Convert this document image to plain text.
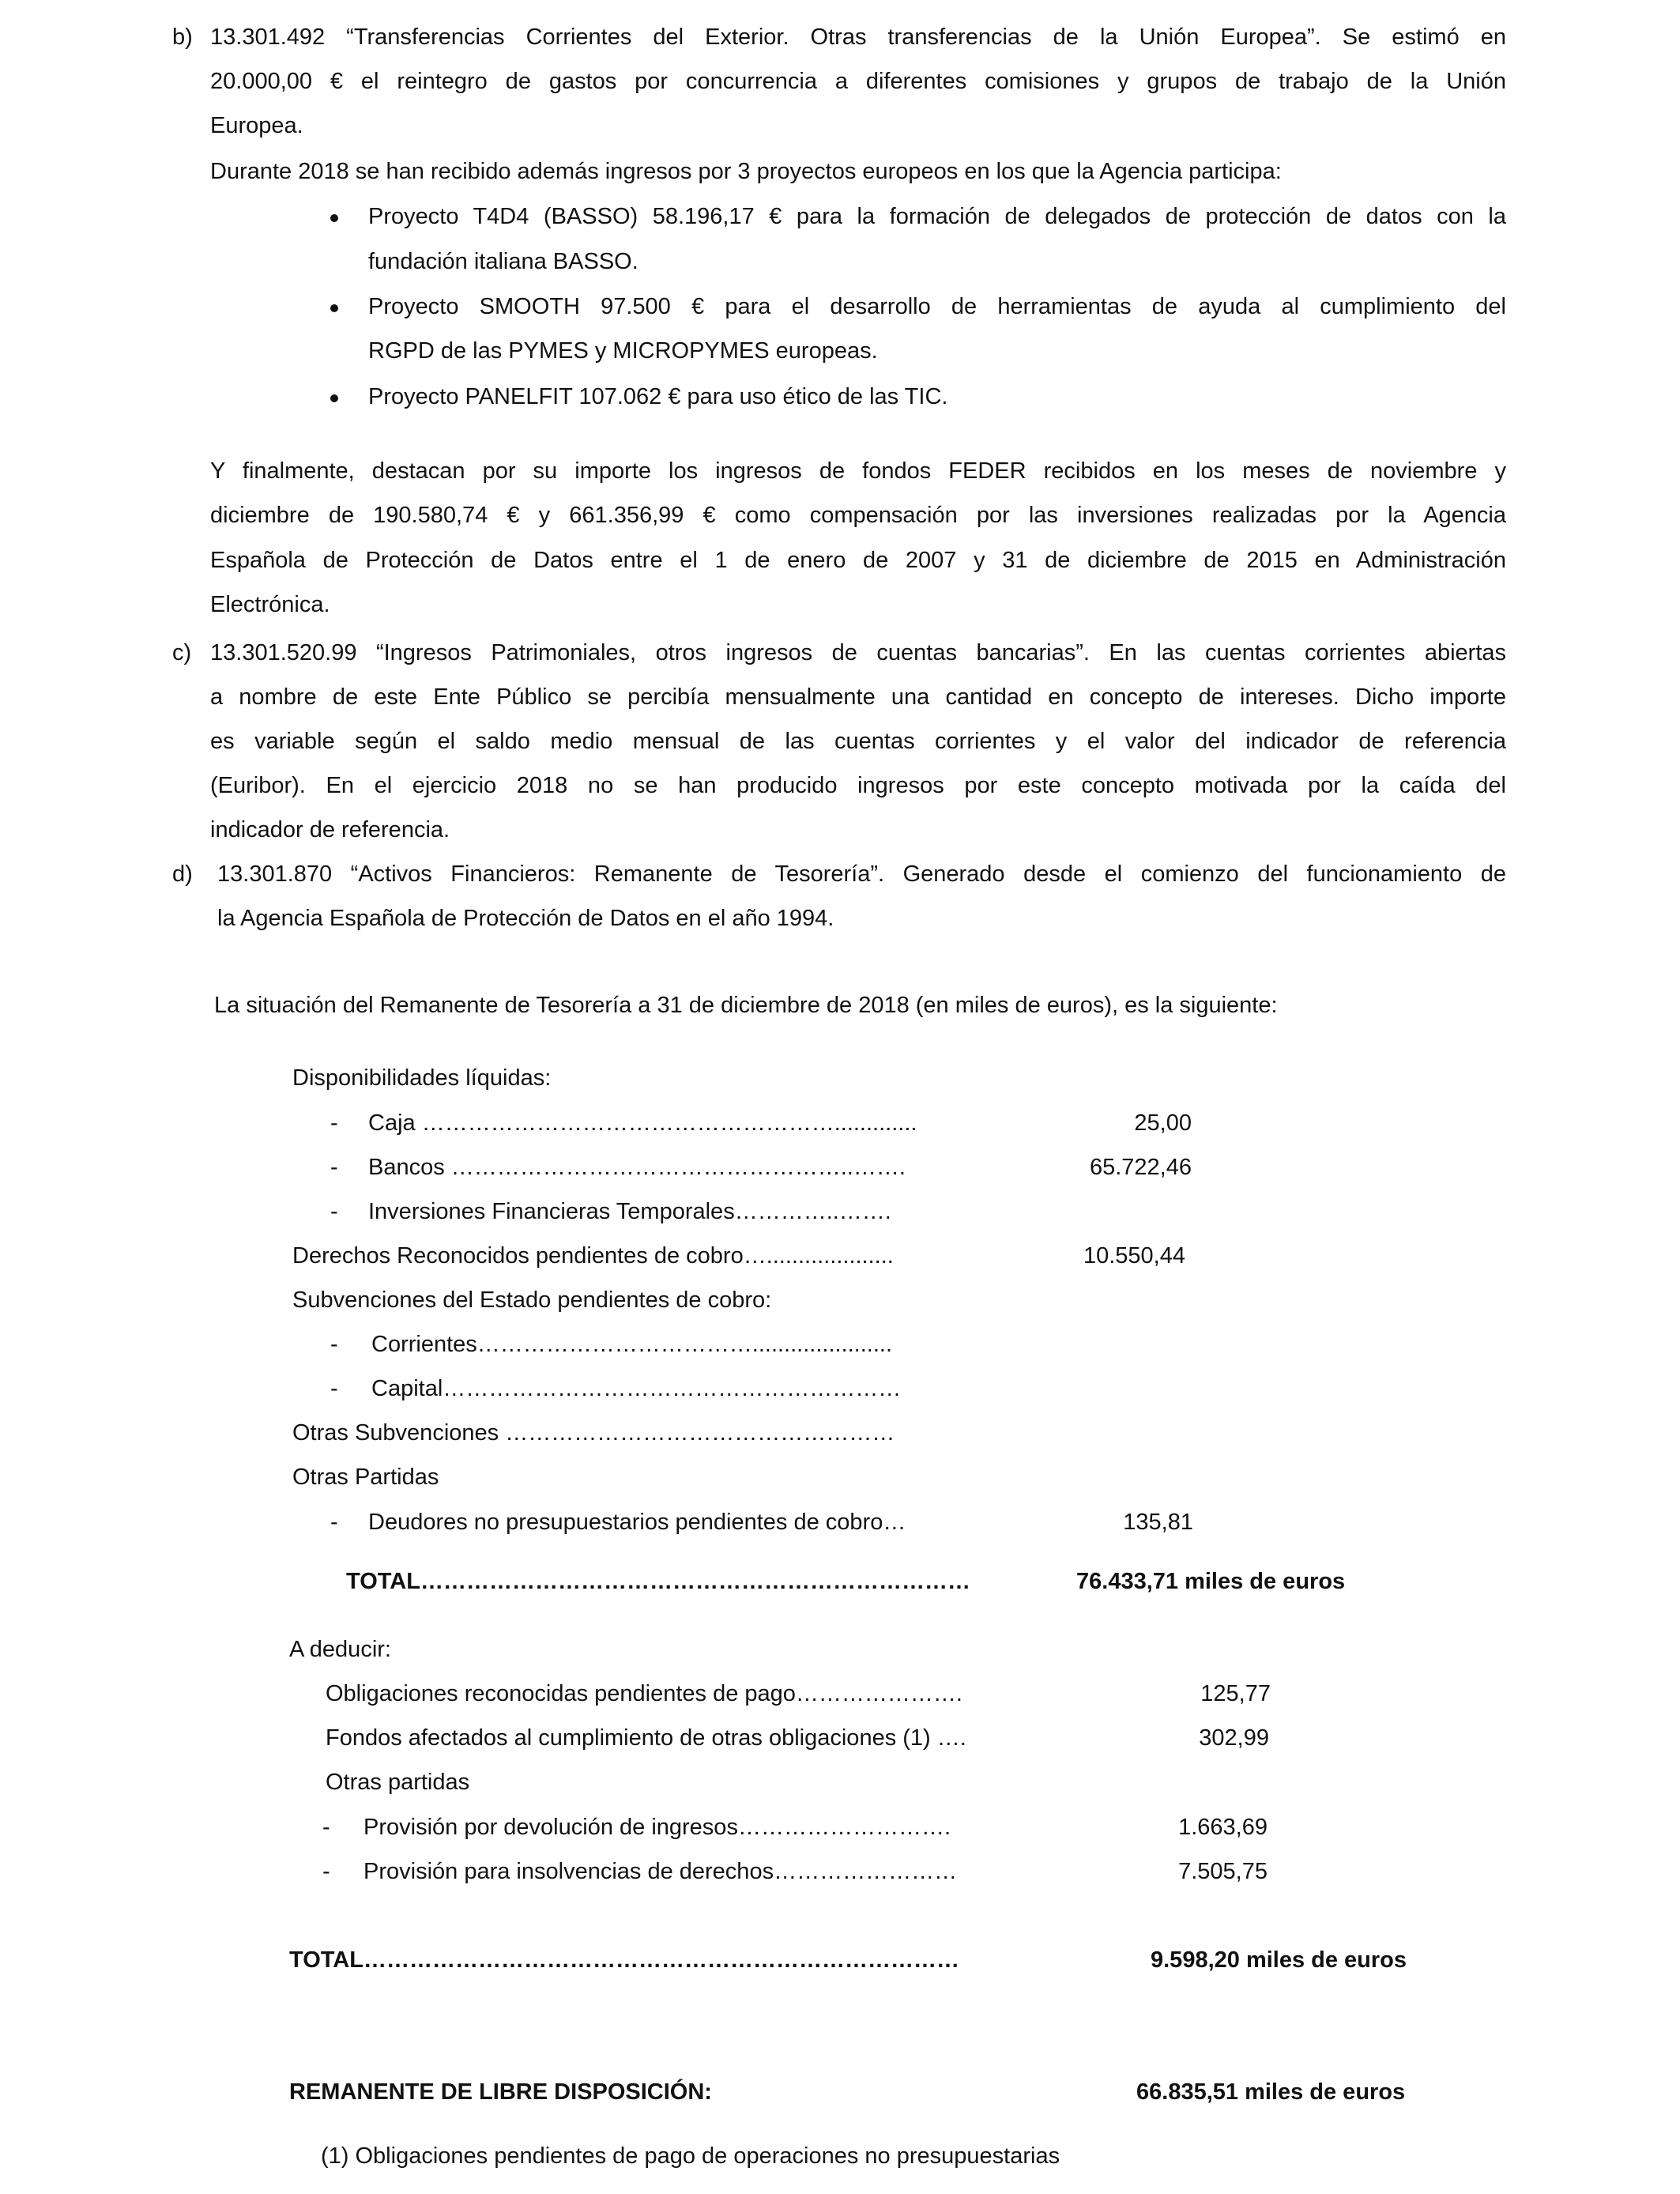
b) 13.301.492 “Transferencias Corrientes del Exterior. Otras transferencias de la Unión Europea”. Se estimó en
20.000,00 € el reintegro de gastos por concurrencia a diferentes comisiones y grupos de trabajo de la Unión
Europea.
Durante 2018 se han recibido además ingresos por 3 proyectos europeos en los que la Agencia participa:
Proyecto T4D4 (BASSO) 58.196,17 € para la formación de delegados de protección de datos con la
fundación italiana BASSO.
Proyecto SMOOTH 97.500 € para el desarrollo de herramientas de ayuda al cumplimiento del
RGPD de las PYMES y MICROPYMES europeas.
Proyecto PANELFIT 107.062 € para uso ético de las TIC.
Y finalmente, destacan por su importe los ingresos de fondos FEDER recibidos en los meses de noviembre y
diciembre de 190.580,74 € y 661.356,99 € como compensación por las inversiones realizadas por la Agencia
Española de Protección de Datos entre el 1 de enero de 2007 y 31 de diciembre de 2015 en Administración
Electrónica.
c) 13.301.520.99 “Ingresos Patrimoniales, otros ingresos de cuentas bancarias”. En las cuentas corrientes abiertas
a nombre de este Ente Público se percibía mensualmente una cantidad en concepto de intereses. Dicho importe
es variable según el saldo medio mensual de las cuentas corrientes y el valor del indicador de referencia
(Euribor). En el ejercicio 2018 no se han producido ingresos por este concepto motivada por la caída del
indicador de referencia.
d) 13.301.870 “Activos Financieros: Remanente de Tesorería”. Generado desde el comienzo del funcionamiento de
la Agencia Española de Protección de Datos en el año 1994.
La situación del Remanente de Tesorería a 31 de diciembre de 2018 (en miles de euros), es la siguiente:
Disponibilidades líquidas:
- Caja ……………………………………………….............	25,00
- Bancos ……………………………………………..…….	65.722,46
- Inversiones Financieras Temporales…………..…….
Derechos Reconocidos pendientes de cobro…....................	10.550,44
Subvenciones del Estado pendientes de cobro:
- Corrientes………………………………......................
- Capital……………………………………………………
Otras Subvenciones ……………………………………………
Otras Partidas
- Deudores no presupuestarios pendientes de cobro…	135,81
TOTAL………………………………………………………………	76.433,71 miles de euros
A deducir:
Obligaciones reconocidas pendientes de pago………………….	125,77
Fondos afectados al cumplimiento de otras obligaciones (1) ….	302,99
Otras partidas
- Provisión por devolución de ingresos……………………….	1.663,69
- Provisión para insolvencias de derechos……………………	7.505,75
TOTAL……………………………………………………………………	9.598,20 miles de euros
REMANENTE DE LIBRE DISPOSICIÓN:	66.835,51 miles de euros
(1) Obligaciones pendientes de pago de operaciones no presupuestarias
